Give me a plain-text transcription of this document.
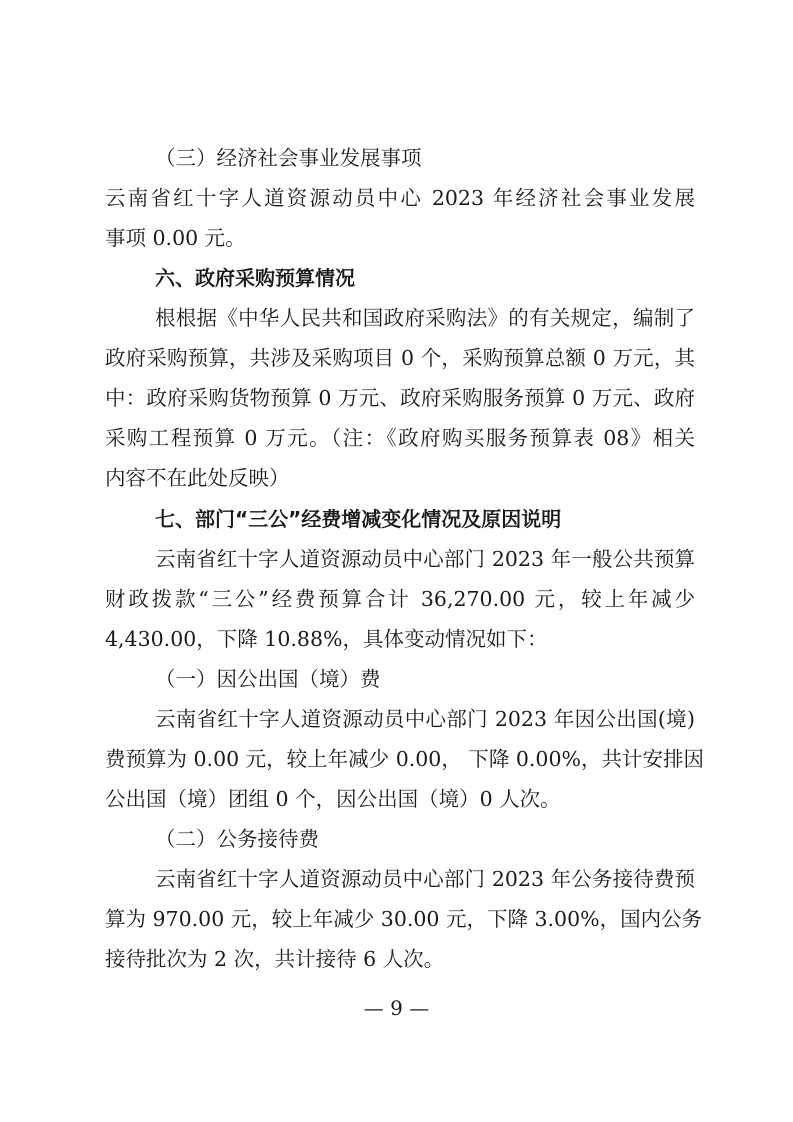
（三）经济社会事业发展事项

云南省红十字人道资源动员中心 2023 年经济社会事业发展

事项 0.00 元。

六、政府采购预算情况

根根据《中华人民共和国政府采购法》的有关规定，编制了

政府采购预算，共涉及采购项目 0 个，采购预算总额 0 万元，其

中：政府采购货物预算 0 万元、政府采购服务预算 0 万元、政府

采购工程预算 0 万元。（注：《政府购买服务预算表 08》相关

内容不在此处反映）

七、部门“三公”经费增减变化情况及原因说明

云南省红十字人道资源动员中心部门 2023 年一般公共预算

财政拨款“三公”经费预算合计 36,270.00 元，较上年减少

4,430.00，下降 10.88%，具体变动情况如下：

（一）因公出国（境）费

云南省红十字人道资源动员中心部门 2023 年因公出国(境)

费预算为 0.00 元，较上年减少 0.00， 下降 0.00%，共计安排因

公出国（境）团组 0 个，因公出国（境）0 人次。

（二）公务接待费

云南省红十字人道资源动员中心部门 2023 年公务接待费预

算为 970.00 元，较上年减少 30.00 元，下降 3.00%，国内公务

接待批次为 2 次，共计接待 6 人次。

— 9 —
